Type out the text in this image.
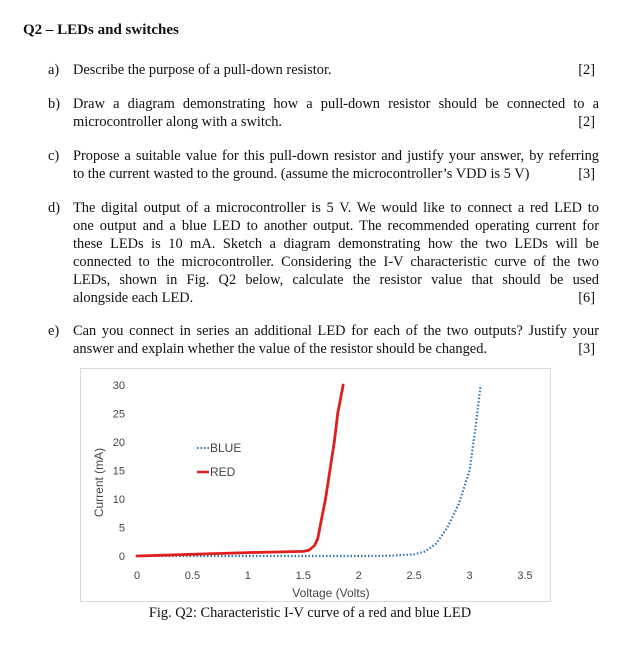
Q2 – LEDs and switches
a) Describe the purpose of a pull-down resistor.	[2]
b) Draw a diagram demonstrating how a pull-down resistor should be connected to a
microcontroller along with a switch.	[2]
c) Propose a suitable value for this pull-down resistor and justify your answer, by referring
to the current wasted to the ground. (assume the microcontroller’s VDD is 5 V)	[3]
d) The digital output of a microcontroller is 5 V. We would like to connect a red LED to
one output and a blue LED to another output. The recommended operating current for
these LEDs is 10 mA. Sketch a diagram demonstrating how the two LEDs will be
connected to the microcontroller. Considering the I-V characteristic curve of the two
LEDs, shown in Fig. Q2 below, calculate the resistor value that should be used
alongside each LED.	[6]
e) Can you connect in series an additional LED for each of the two outputs? Justify your
answer and explain whether the value of the resistor should be changed.	[3]
0
5
10
15
20
25
30
0	0.5	1	1.5	2	2.5	3	3.5
Voltage (Volts)
Current (mA)	BLUE
RED
Fig. Q2: Characteristic I-V curve of a red and blue LED
